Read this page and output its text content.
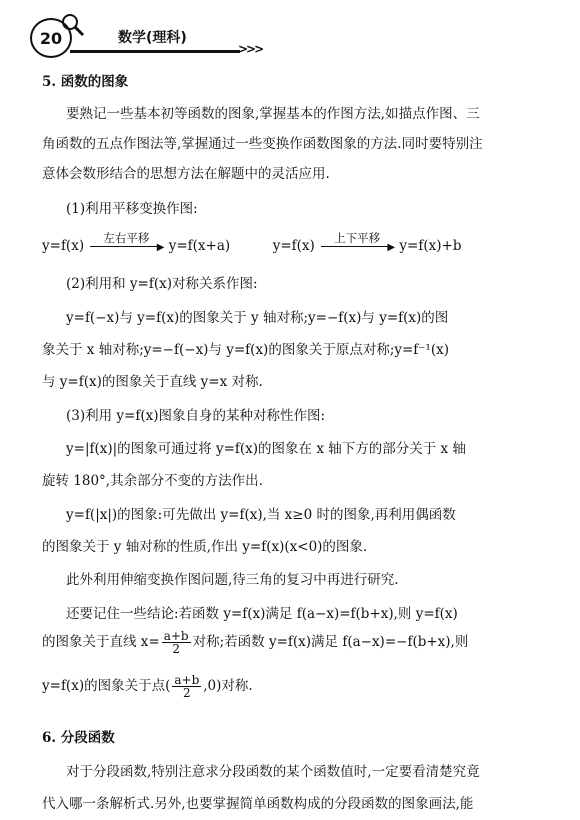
20	数学(理科)
>>>
5. 函数的图象
要熟记一些基本初等函数的图象,掌握基本的作图方法,如描点作图、三
角函数的五点作图法等,掌握通过一些变换作函数图象的方法.同时要特别注
意体会数形结合的思想方法在解题中的灵活应用.
(1)利用平移变换作图:
y=f(x)	左右平移
▶ y=f(x+a)	y=f(x)	上下平移
▶ y=f(x)+b
(2)利用和 y=f(x)对称关系作图:
y=f(−x)与 y=f(x)的图象关于 y 轴对称;y=−f(x)与 y=f(x)的图
象关于 x 轴对称;y=−f(−x)与 y=f(x)的图象关于原点对称;y=f⁻¹(x)
与 y=f(x)的图象关于直线 y=x 对称.
(3)利用 y=f(x)图象自身的某种对称性作图:
y=|f(x)|的图象可通过将 y=f(x)的图象在 x 轴下方的部分关于 x 轴
旋转 180°,其余部分不变的方法作出.
y=f(|x|)的图象:可先做出 y=f(x),当 x≥0 时的图象,再利用偶函数
的图象关于 y 轴对称的性质,作出 y=f(x)(x<0)的图象.
此外利用伸缩变换作图问题,待三角的复习中再进行研究.
还要记住一些结论:若函数 y=f(x)满足 f(a−x)=f(b+x),则 y=f(x)
的图象关于直线 $x= \frac{a+b}{2}$ 对称;若函数 y=f(x)满足 f(a−x)=−f(b+x),则
y=f(x)的图象关于点( $\frac{a+b}{2} ,0$)对称.
6. 分段函数
对于分段函数,特别注意求分段函数的某个函数值时,一定要看清楚究竟
代入哪一条解析式.另外,也要掌握简单函数构成的分段函数的图象画法,能
